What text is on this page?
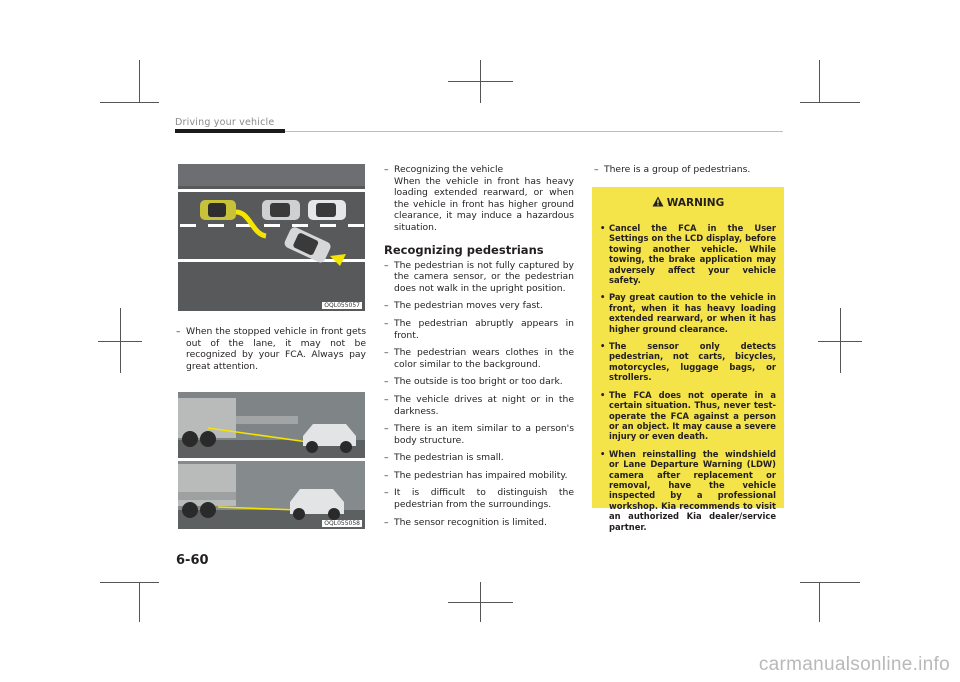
Driving your vehicle
OQL055057
OQL055058
– When the stopped vehicle in front gets out of the lane, it may not be recognized by your FCA. Always pay great attention.
– Recognizing the vehicle
When the vehicle in front has heavy loading extended rearward, or when the vehicle in front has higher ground clearance, it may induce a hazardous situation.
Recognizing pedestrians
– The pedestrian is not fully captured by the camera sensor, or the pedestrian does not walk in the upright position.
– The pedestrian moves very fast.
– The pedestrian abruptly appears in front.
– The pedestrian wears clothes in the color similar to the background.
– The outside is too bright or too dark.
– The vehicle drives at night or in the darkness.
– There is an item similar to a person's body structure.
– The pedestrian is small.
– The pedestrian has impaired mobility.
– It is difficult to distinguish the pedestrian from the surroundings.
– The sensor recognition is limited.
– There is a group of pedestrians.
WARNING
• Cancel the FCA in the User Settings on the LCD display, before towing another vehicle. While towing, the brake application may adversely affect your vehicle safety.
• Pay great caution to the vehicle in front, when it has heavy loading extended rearward, or when it has higher ground clearance.
• The sensor only detects pedestrian, not carts, bicycles, motorcycles, luggage bags, or strollers.
• The FCA does not operate in a certain situation. Thus, never test-operate the FCA against a person or an object. It may cause a severe injury or even death.
• When reinstalling the windshield or Lane Departure Warning (LDW) camera after replacement or removal, have the vehicle inspected by a professional workshop. Kia recommends to visit an authorized Kia dealer/service partner.
6-60
carmanualsonline.info
